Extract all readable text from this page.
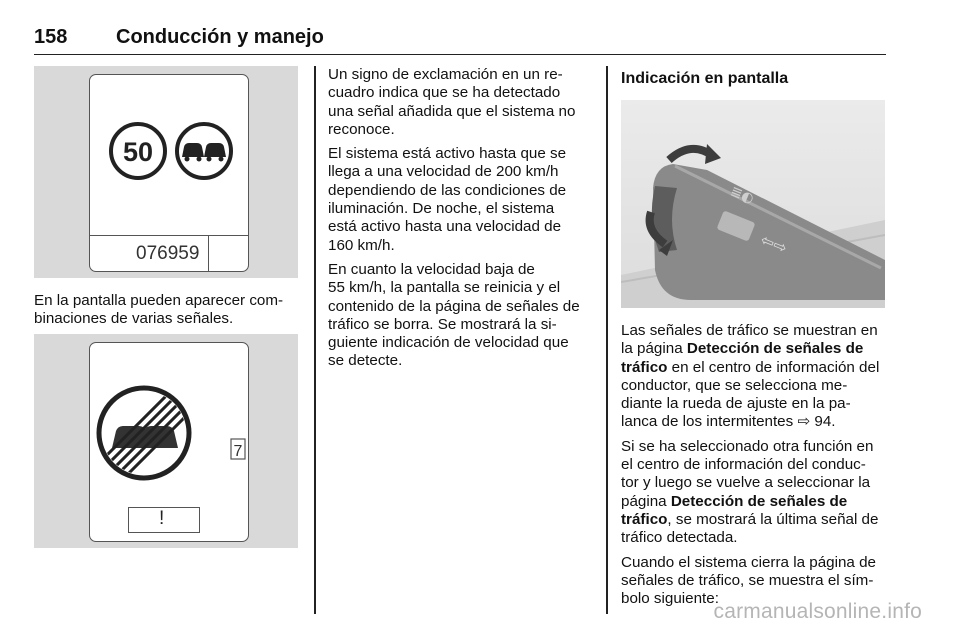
158 Conducción y manejo
50
076959

En la pantalla pueden aparecer com-
binaciones de varias señales.

7
!

Un signo de exclamación en un re-
cuadro indica que se ha detectado
una señal añadida que el sistema no
reconoce.

El sistema está activo hasta que se
llega a una velocidad de 200 km/h
dependiendo de las condiciones de
iluminación. De noche, el sistema
está activo hasta una velocidad de
160 km/h.

En cuanto la velocidad baja de
55 km/h, la pantalla se reinicia y el
contenido de la página de señales de
tráfico se borra. Se mostrará la si-
guiente indicación de velocidad que
se detecte.

Indicación en pantalla

⇦⇨
≣◐

Las señales de tráfico se muestran en
la página Detección de señales de
tráfico en el centro de información del
conductor, que se selecciona me-
diante la rueda de ajuste en la pa-
lanca de los intermitentes ⇨ 94.

Si se ha seleccionado otra función en
el centro de información del conduc-
tor y luego se vuelve a seleccionar la
página Detección de señales de
tráfico, se mostrará la última señal de
tráfico detectada.

Cuando el sistema cierra la página de
señales de tráfico, se muestra el sím-
bolo siguiente:

carmanualsonline.info
